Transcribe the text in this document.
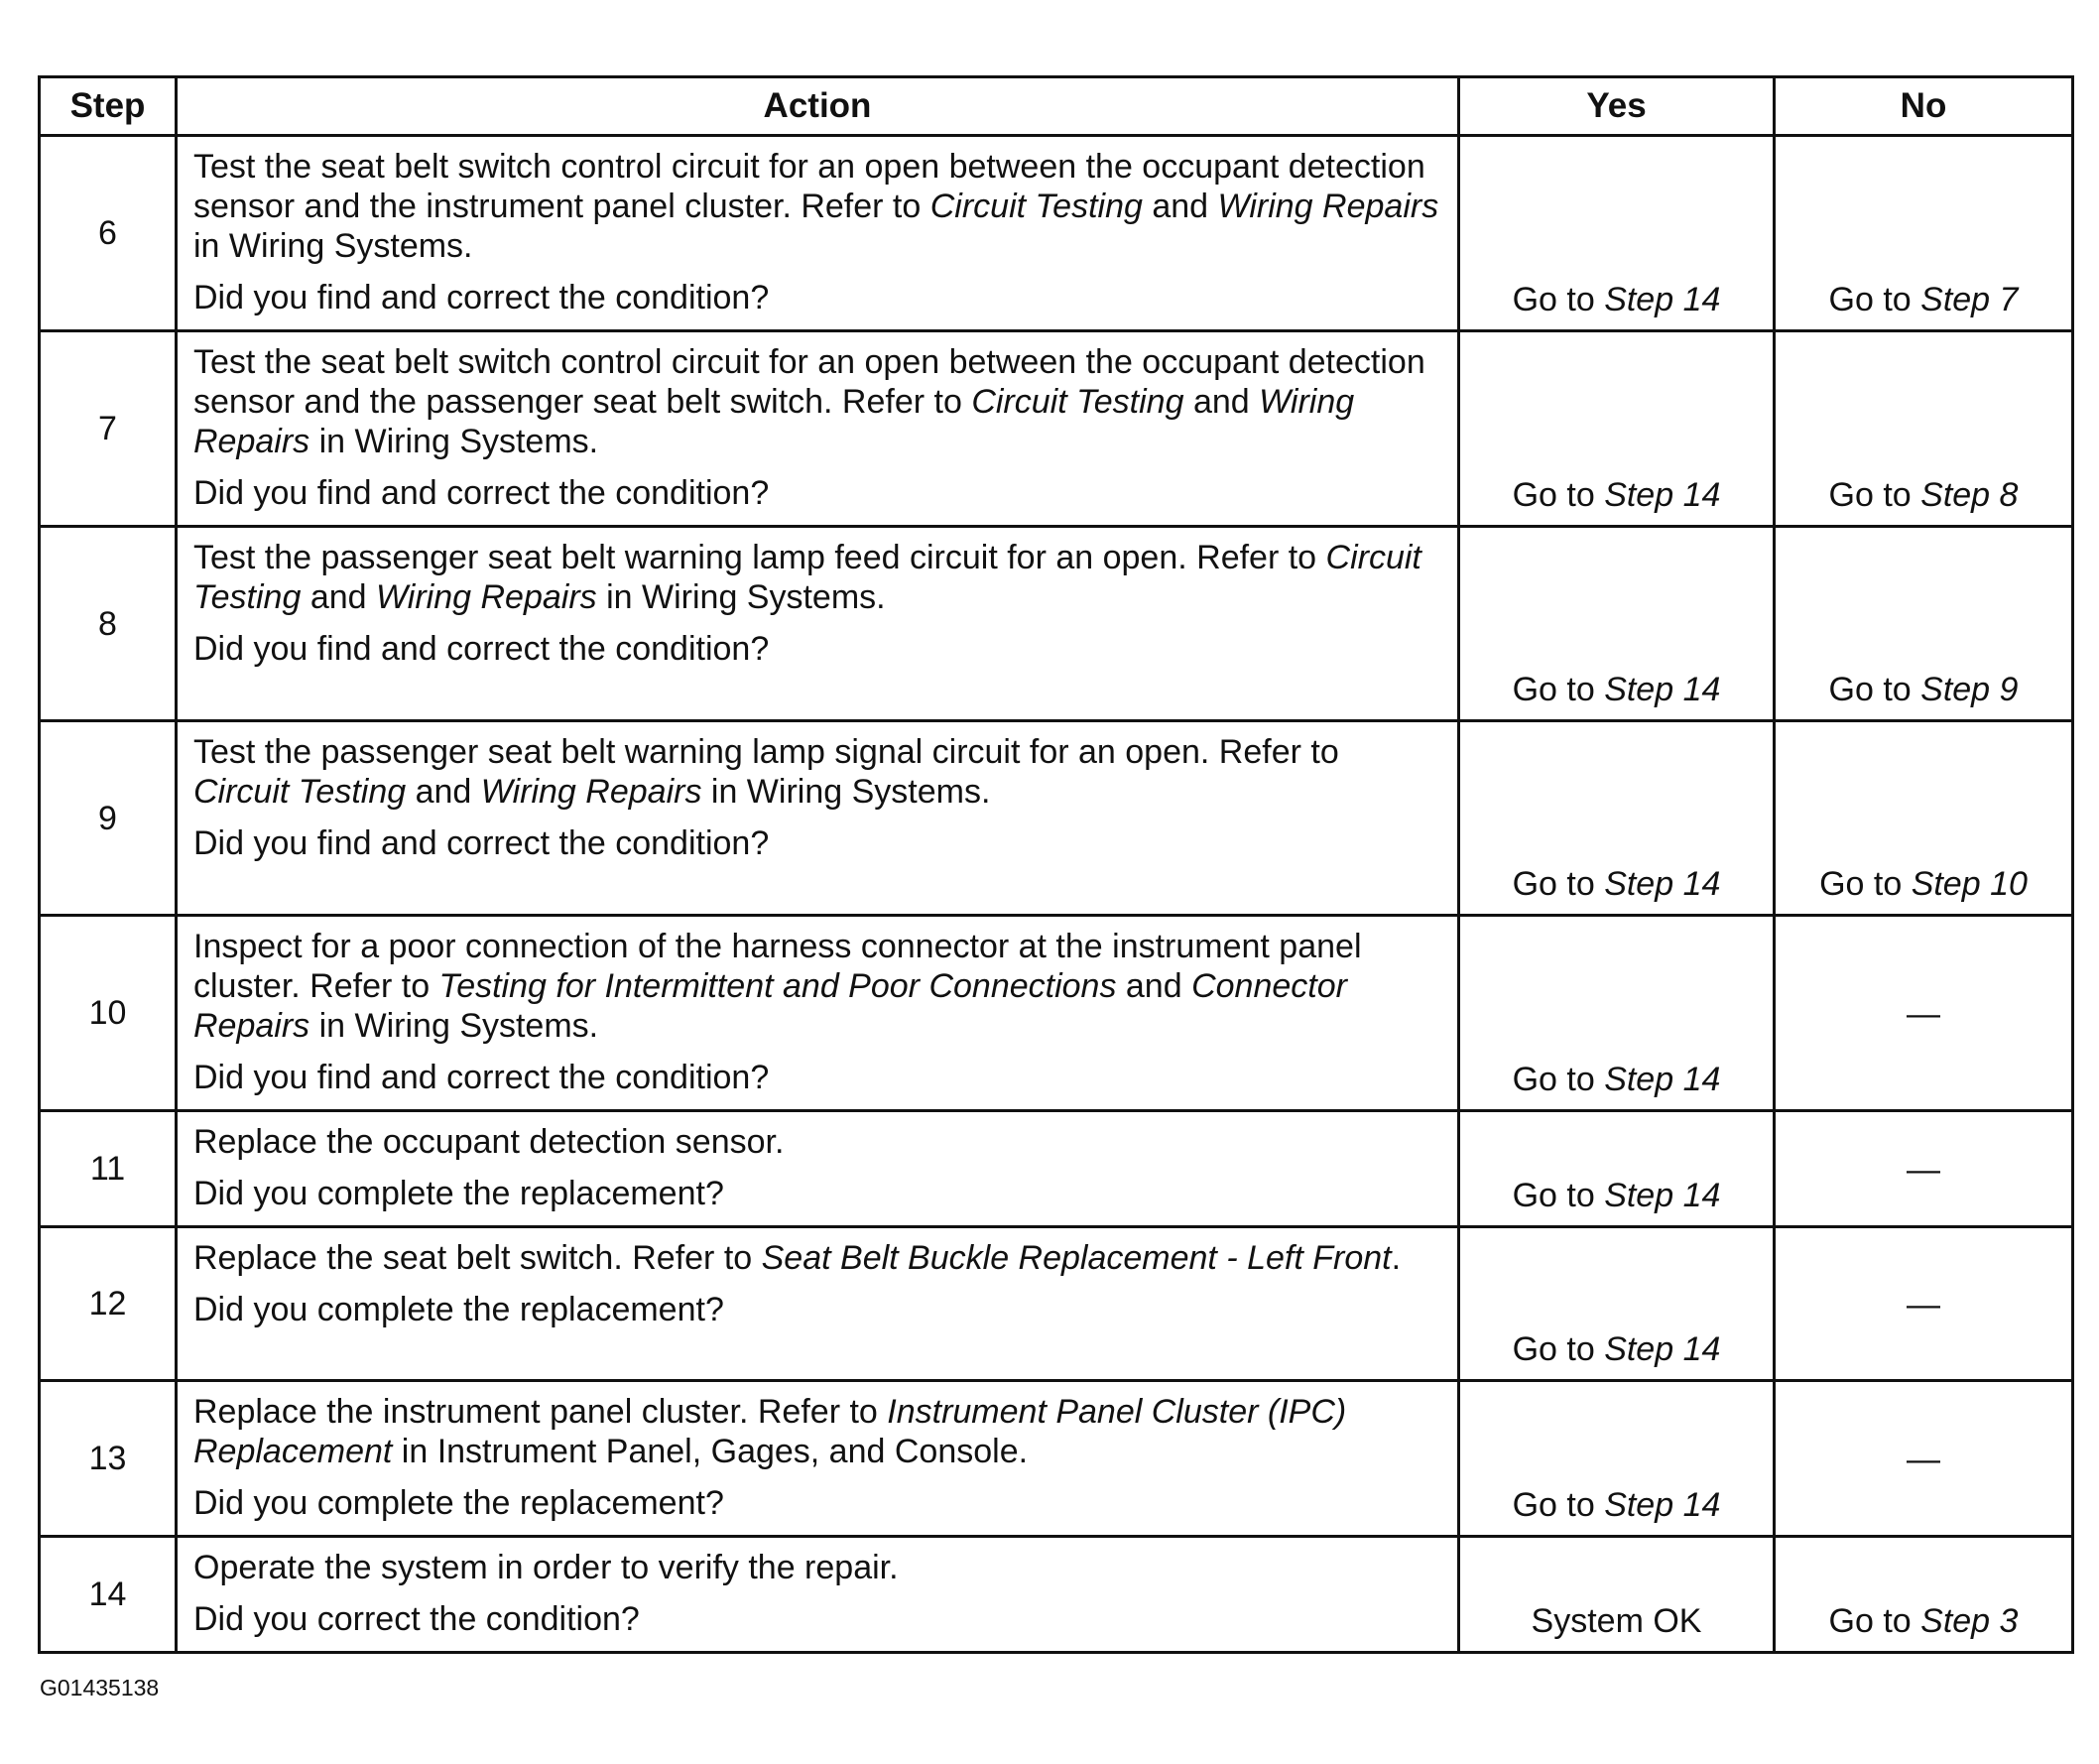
Step	Action	Yes	No
6	Test the seat belt switch control circuit for an open between the occupant detection sensor and the instrument panel cluster. Refer to Circuit Testing and Wiring Repairs in Wiring Systems.
Did you find and correct the condition?	Go to Step 14	Go to Step 7
7	Test the seat belt switch control circuit for an open between the occupant detection sensor and the passenger seat belt switch. Refer to Circuit Testing and Wiring Repairs in Wiring Systems.
Did you find and correct the condition?	Go to Step 14	Go to Step 8
8	Test the passenger seat belt warning lamp feed circuit for an open. Refer to Circuit Testing and Wiring Repairs in Wiring Systems.
Did you find and correct the condition?	Go to Step 14	Go to Step 9
9	Test the passenger seat belt warning lamp signal circuit for an open. Refer to Circuit Testing and Wiring Repairs in Wiring Systems.
Did you find and correct the condition?	Go to Step 14	Go to Step 10
10	Inspect for a poor connection of the harness connector at the instrument panel cluster. Refer to Testing for Intermittent and Poor Connections and Connector Repairs in Wiring Systems.
Did you find and correct the condition?	Go to Step 14	—
11	Replace the occupant detection sensor.
Did you complete the replacement?	Go to Step 14	—
12	Replace the seat belt switch. Refer to Seat Belt Buckle Replacement - Left Front.
Did you complete the replacement?	Go to Step 14	—
13	Replace the instrument panel cluster. Refer to Instrument Panel Cluster (IPC) Replacement in Instrument Panel, Gages, and Console.
Did you complete the replacement?	Go to Step 14	—
14	Operate the system in order to verify the repair.
Did you correct the condition?	System OK	Go to Step 3
G01435138
